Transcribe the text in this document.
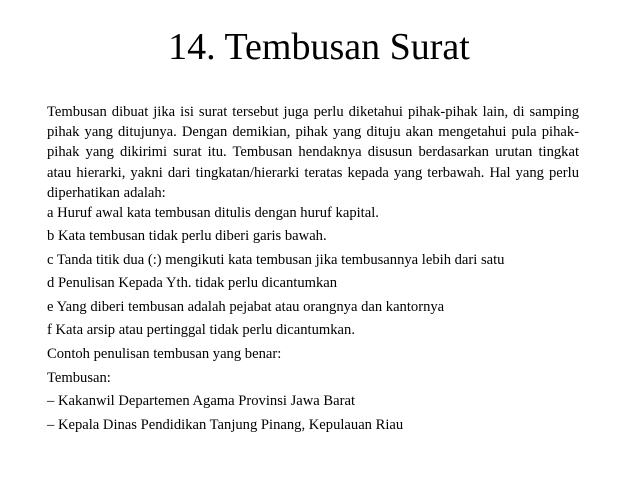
14. Tembusan Surat

Tembusan dibuat jika isi surat tersebut juga perlu diketahui pihak-pihak lain, di samping pihak yang ditujunya. Dengan demikian, pihak yang dituju akan mengetahui pula pihak-pihak yang dikirimi surat itu. Tembusan hendaknya disusun berdasarkan urutan tingkat atau hierarki, yakni dari tingkatan/hierarki teratas kepada yang terbawah. Hal yang perlu diperhatikan adalah:

a Huruf awal kata tembusan ditulis dengan huruf kapital.

b Kata tembusan tidak perlu diberi garis bawah.

c Tanda titik dua (:) mengikuti kata tembusan jika tembusannya lebih dari satu

d Penulisan Kepada Yth. tidak perlu dicantumkan

e Yang diberi tembusan adalah pejabat atau orangnya dan kantornya

f Kata arsip atau pertinggal tidak perlu dicantumkan.

Contoh penulisan tembusan yang benar:

Tembusan:

– Kakanwil Departemen Agama Provinsi Jawa Barat

– Kepala Dinas Pendidikan Tanjung Pinang, Kepulauan Riau
